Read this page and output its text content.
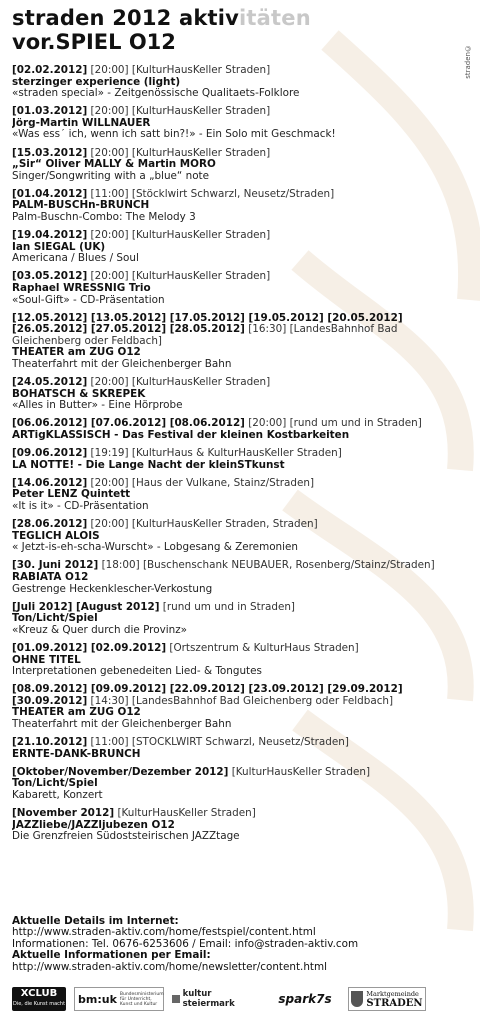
straden 2012 aktivitäten
vor.SPIEL O12
straden©
[02.02.2012] [20:00] [KulturHausKeller Straden]
sterzinger experience (light)
«straden special» - Zeitgenössische Qualitaets-Folklore
[01.03.2012] [20:00] [KulturHausKeller Straden]
Jörg-Martin WILLNAUER
«Was ess´ ich, wenn ich satt bin?!» - Ein Solo mit Geschmack!
[15.03.2012] [20:00] [KulturHausKeller Straden]
„Sir“ Oliver MALLY & Martin MORO
Singer/Songwriting with a „blue“ note
[01.04.2012] [11:00] [Stöcklwirt Schwarzl, Neusetz/Straden]
PALM-BUSCHn-BRUNCH
Palm-Buschn-Combo: The Melody 3
[19.04.2012] [20:00] [KulturHausKeller Straden]
Ian SIEGAL (UK)
Americana / Blues / Soul
[03.05.2012] [20:00] [KulturHausKeller Straden]
Raphael WRESSNIG Trio
«Soul-Gift» - CD-Präsentation
[12.05.2012] [13.05.2012] [17.05.2012] [19.05.2012] [20.05.2012]
[26.05.2012] [27.05.2012] [28.05.2012] [16:30] [LandesBahnhof Bad
Gleichenberg oder Feldbach]
THEATER am ZUG O12
Theaterfahrt mit der Gleichenberger Bahn
[24.05.2012] [20:00] [KulturHausKeller Straden]
BOHATSCH & SKREPEK
«Alles in Butter» - Eine Hörprobe
[06.06.2012] [07.06.2012] [08.06.2012] [20:00] [rund um und in Straden]
ARTigKLASSISCH - Das Festival der kleinen Kostbarkeiten
[09.06.2012] [19:19] [KulturHaus & KulturHausKeller Straden]
LA NOTTE! - Die Lange Nacht der kleinSTkunst
[14.06.2012] [20:00] [Haus der Vulkane, Stainz/Straden]
Peter LENZ Quintett
«It is it» - CD-Präsentation
[28.06.2012] [20:00] [KulturHausKeller Straden, Straden]
TEGLICH ALOIS
« Jetzt-is-eh-scha-Wurscht» - Lobgesang & Zeremonien
[30. Juni 2012] [18:00] [Buschenschank NEUBAUER, Rosenberg/Stainz/Straden]
RABIATA O12
Gestrenge Heckenklescher-Verkostung
[Juli 2012] [August 2012] [rund um und in Straden]
Ton/Licht/Spiel
«Kreuz & Quer durch die Provinz»
[01.09.2012] [02.09.2012] [Ortszentrum & KulturHaus Straden]
OHNE TITEL
Interpretationen gebenedeiten Lied- & Tongutes
[08.09.2012] [09.09.2012] [22.09.2012] [23.09.2012] [29.09.2012]
[30.09.2012] [14:30] [LandesBahnhof Bad Gleichenberg oder Feldbach]
THEATER am ZUG O12
Theaterfahrt mit der Gleichenberger Bahn
[21.10.2012] [11:00] [STÖCKLWIRT Schwarzl, Neusetz/Straden]
ERNTE-DANK-BRUNCH
[Oktober/November/Dezember 2012] [KulturHausKeller Straden]
Ton/Licht/Spiel
Kabarett, Konzert
[November 2012] [KulturHausKeller Straden]
JAZZliebe/JAZZljubezen O12
Die Grenzfreien Südoststeirischen JAZZtage
Aktuelle Details im Internet:
http://www.straden-aktiv.com/home/festspiel/content.html
Informationen: Tel. 0676-6253606 / Email: info@straden-aktiv.com
Aktuelle Informationen per Email:
http://www.straden-aktiv.com/home/newsletter/content.html
XCLUB
Die, die Kunst macht bm:uk Bundesministerium für Unterricht, Kunst und Kultur
kultur steiermark	spark7s	Marktgemeinde
STRADEN
